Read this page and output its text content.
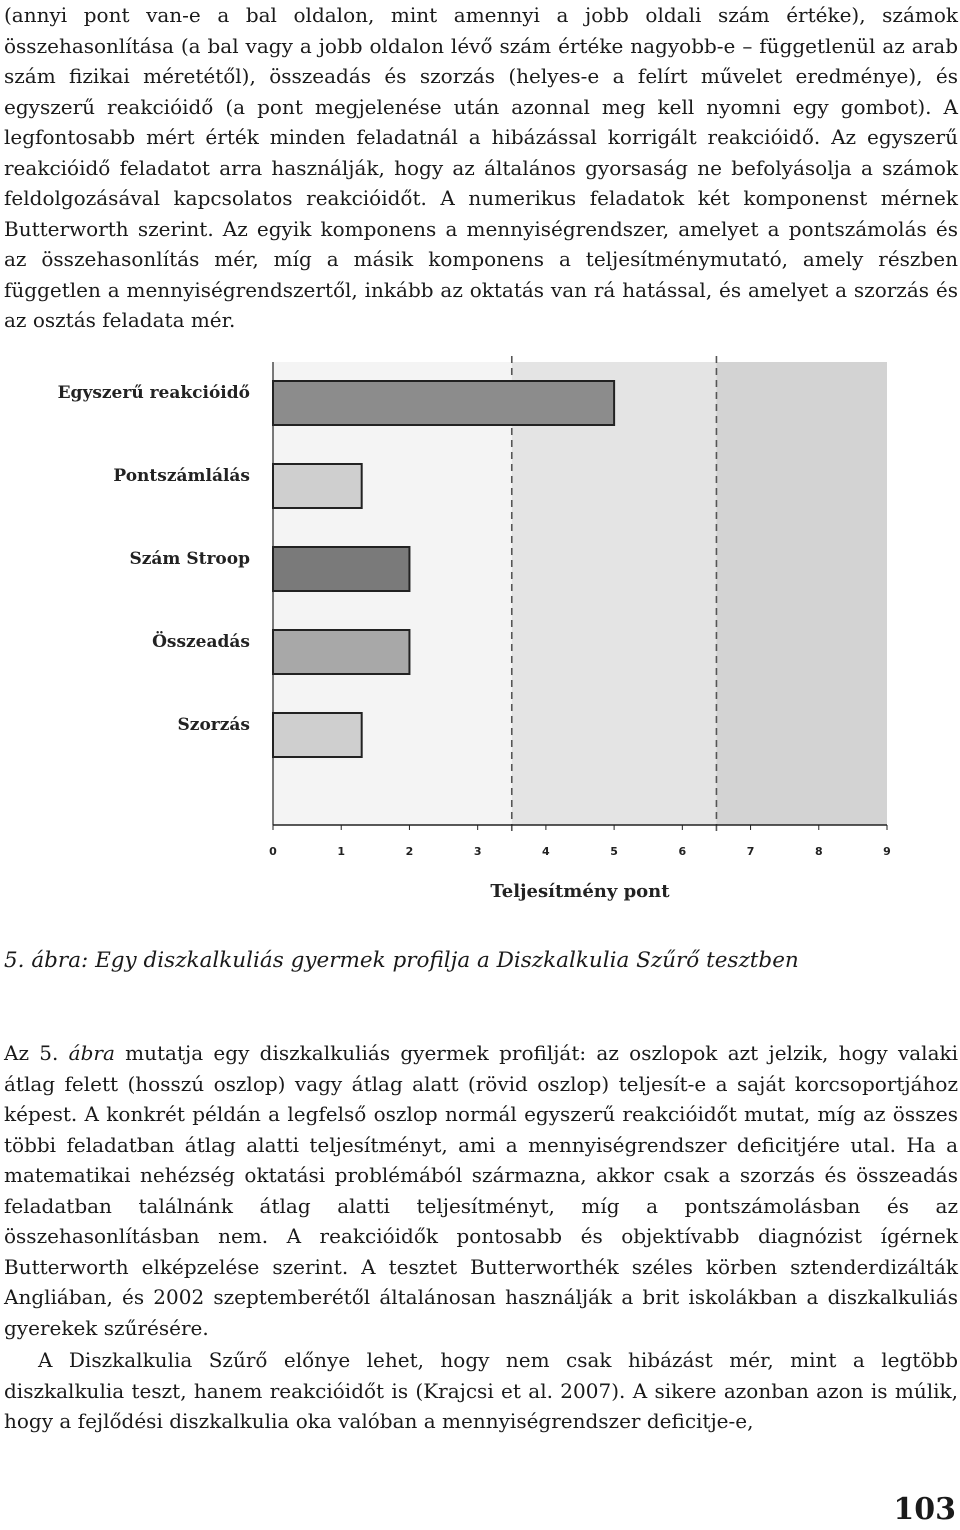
(annyi pont van-e a bal oldalon, mint amennyi a jobb oldali szám értéke), számok összehasonlítása (a bal vagy a jobb oldalon lévő szám értéke nagyobb-e – függetlenül az arab szám fizikai méretétől), összeadás és szorzás (helyes-e a felírt művelet eredménye), és egyszerű reakcióidő (a pont megjelenése után azonnal meg kell nyomni egy gombot). A legfontosabb mért érték minden feladatnál a hibázással korrigált reakcióidő. Az egyszerű reakcióidő feladatot arra használják, hogy az általános gyorsaság ne befolyásolja a számok feldolgozásával kapcsolatos reakcióidőt. A numerikus feladatok két komponenst mérnek Butterworth szerint. Az egyik komponens a mennyiségrendszer, amelyet a pontszámolás és az összehasonlítás mér, míg a másik komponens a teljesítménymutató, amely részben független a mennyiségrendszertől, inkább az oktatás van rá hatással, és amelyet a szorzás és az osztás feladata mér.

Egyszerű reakcióidő
Pontszámlálás
Szám Stroop
Összeadás
Szorzás
0	1	2	3	4	5	6	7	8	9
Teljesítmény pont

5. ábra: Egy diszkalkuliás gyermek profilja a Diszkalkulia Szűrő tesztben

Az 5. ábra mutatja egy diszkalkuliás gyermek profilját: az oszlopok azt jelzik, hogy valaki átlag felett (hosszú oszlop) vagy átlag alatt (rövid oszlop) teljesít-e a saját korcsoportjához képest. A konkrét példán a legfelső oszlop normál egyszerű reakcióidőt mutat, míg az összes többi feladatban átlag alatti teljesítményt, ami a mennyiségrendszer deficitjére utal. Ha a matematikai nehézség oktatási problémából származna, akkor csak a szorzás és összeadás feladatban találnánk átlag alatti teljesítményt, míg a pontszámolásban és az összehasonlításban nem. A reakcióidők pontosabb és objektívabb diagnózist ígérnek Butterworth elképzelése szerint. A tesztet Butterworthék széles körben sztenderdizálták Angliában, és 2002 szeptemberétől általánosan használják a brit iskolákban a diszkalkuliás gyerekek szűrésére.

A Diszkalkulia Szűrő előnye lehet, hogy nem csak hibázást mér, mint a legtöbb diszkalkulia teszt, hanem reakcióidőt is (Krajcsi et al. 2007). A sikere azonban azon is múlik, hogy a fejlődési diszkalkulia oka valóban a mennyiségrendszer deficitje-e,

103
